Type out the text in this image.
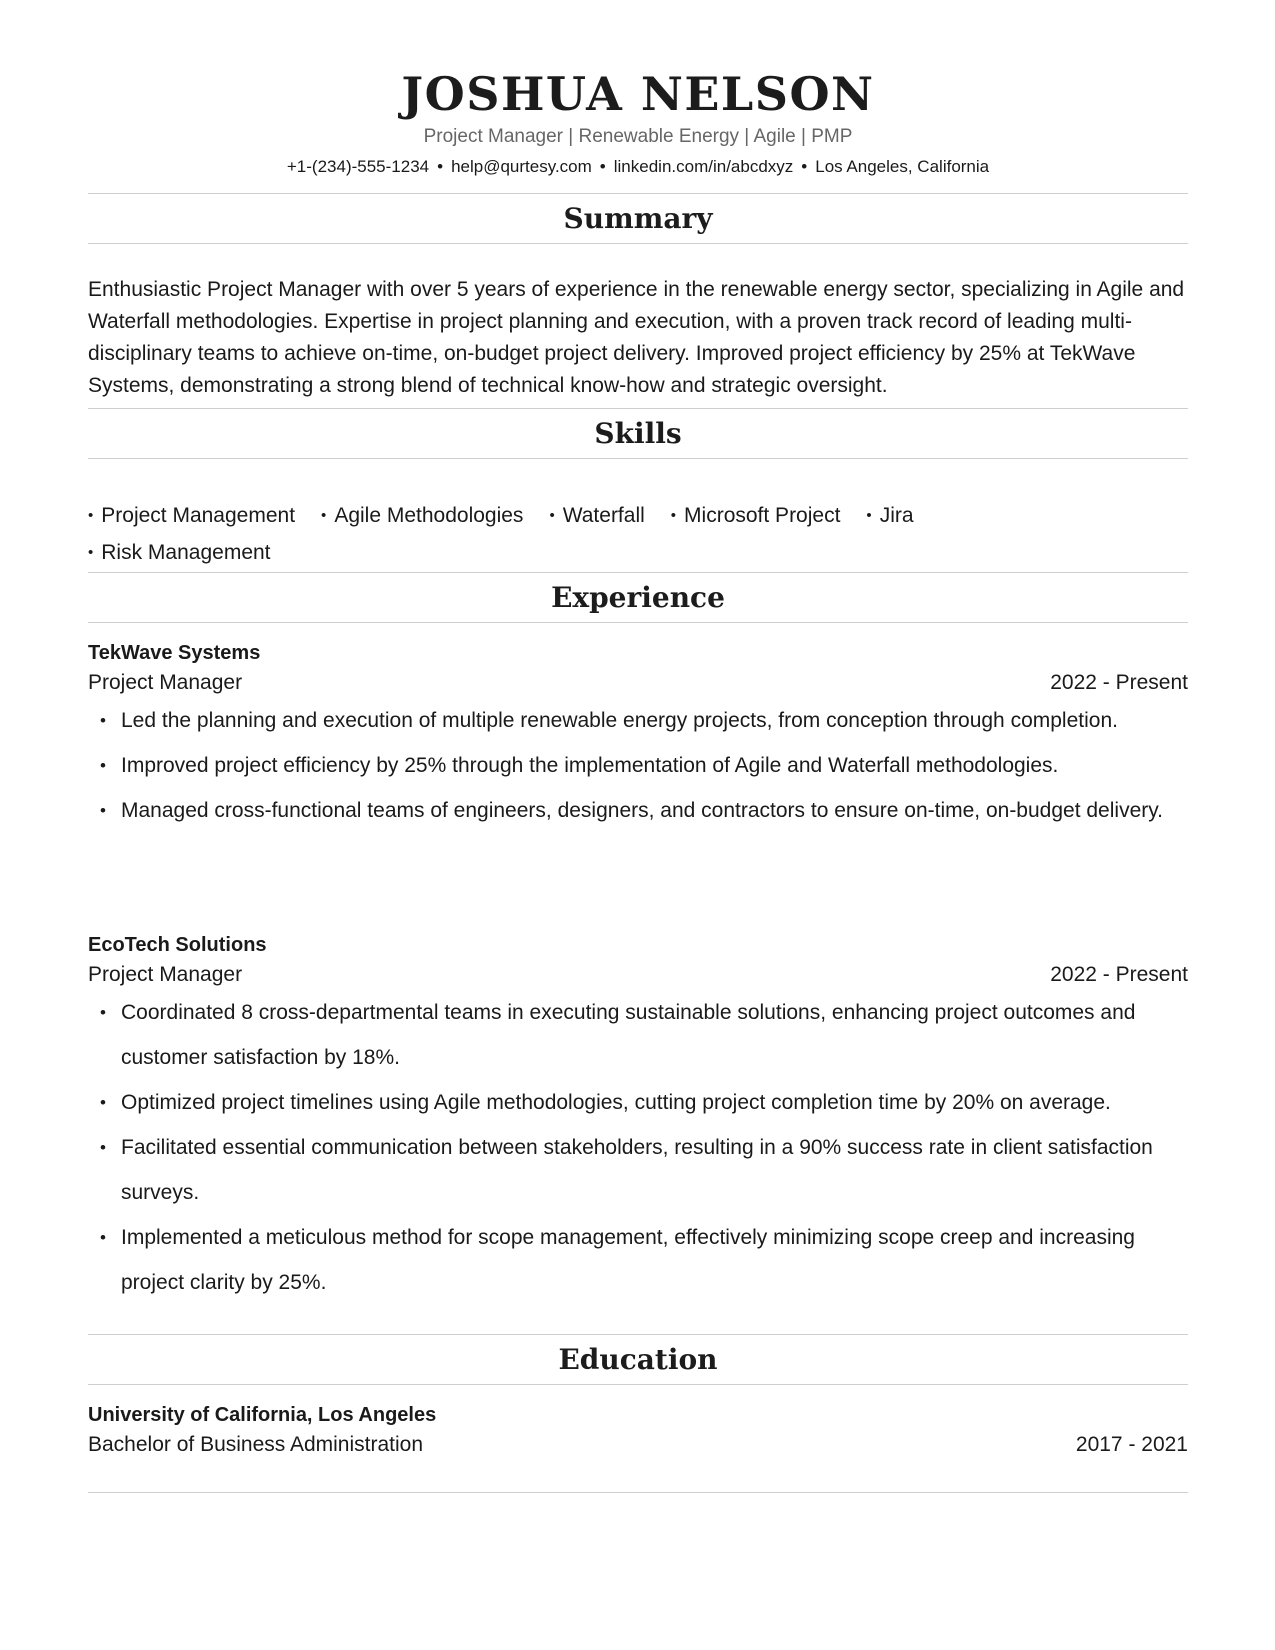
JOSHUA NELSON
Project Manager | Renewable Energy | Agile | PMP
+1-(234)-555-1234 • help@qurtesy.com • linkedin.com/in/abcdxyz • Los Angeles, California
Summary

Enthusiastic Project Manager with over 5 years of experience in the renewable energy sector, specializing in Agile and Waterfall methodologies. Expertise in project planning and execution, with a proven track record of leading multi-disciplinary teams to achieve on-time, on-budget project delivery. Improved project efficiency by 25% at TekWave Systems, demonstrating a strong blend of technical know-how and strategic oversight.

Skills
• Project Management • Agile Methodologies • Waterfall • Microsoft Project • Jira
• Risk Management
Experience
TekWave Systems
Project Manager	2022 - Present
• Led the planning and execution of multiple renewable energy projects, from conception through completion.
• Improved project efficiency by 25% through the implementation of Agile and Waterfall methodologies.
• Managed cross-functional teams of engineers, designers, and contractors to ensure on-time, on-budget delivery.
EcoTech Solutions
Project Manager	2022 - Present
• Coordinated 8 cross-departmental teams in executing sustainable solutions, enhancing project outcomes and customer satisfaction by 18%.
• Optimized project timelines using Agile methodologies, cutting project completion time by 20% on average.
• Facilitated essential communication between stakeholders, resulting in a 90% success rate in client satisfaction surveys.
• Implemented a meticulous method for scope management, effectively minimizing scope creep and increasing project clarity by 25%.
Education
University of California, Los Angeles
Bachelor of Business Administration	2017 - 2021
